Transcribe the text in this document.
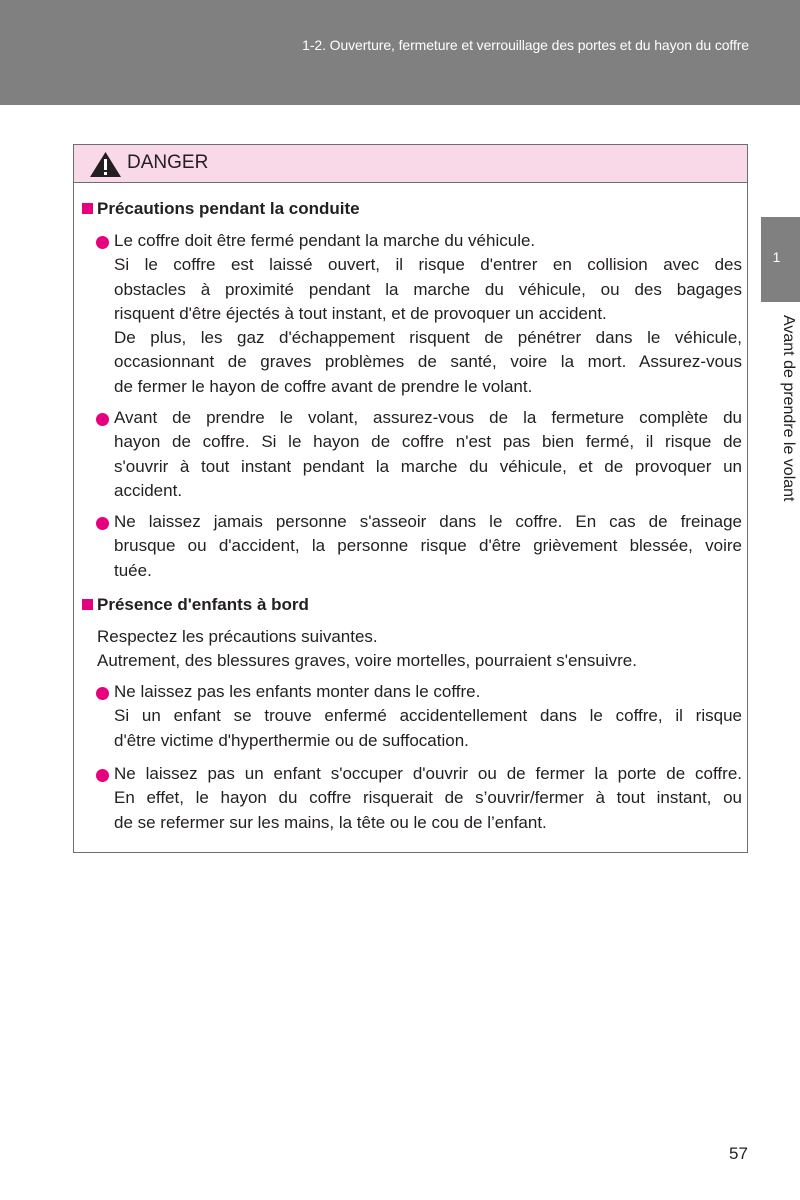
1-2. Ouverture, fermeture et verrouillage des portes et du hayon du coffre
1
Avant de prendre le volant
DANGER
Précautions pendant la conduite
Le coffre doit être fermé pendant la marche du véhicule.
Si le coffre est laissé ouvert, il risque d'entrer en collision avec des
obstacles à proximité pendant la marche du véhicule, ou des bagages
risquent d'être éjectés à tout instant, et de provoquer un accident.
De plus, les gaz d'échappement risquent de pénétrer dans le véhicule,
occasionnant de graves problèmes de santé, voire la mort. Assurez-vous
de fermer le hayon de coffre avant de prendre le volant.
Avant de prendre le volant, assurez-vous de la fermeture complète du
hayon de coffre. Si le hayon de coffre n'est pas bien fermé, il risque de
s'ouvrir à tout instant pendant la marche du véhicule, et de provoquer un
accident.
Ne laissez jamais personne s'asseoir dans le coffre. En cas de freinage
brusque ou d'accident, la personne risque d'être grièvement blessée, voire
tuée.
Présence d'enfants à bord
Respectez les précautions suivantes.
Autrement, des blessures graves, voire mortelles, pourraient s'ensuivre.
Ne laissez pas les enfants monter dans le coffre.
Si un enfant se trouve enfermé accidentellement dans le coffre, il risque
d'être victime d'hyperthermie ou de suffocation.
Ne laissez pas un enfant s'occuper d'ouvrir ou de fermer la porte de coffre.
En effet, le hayon du coffre risquerait de s’ouvrir/fermer à tout instant, ou
de se refermer sur les mains, la tête ou le cou de l’enfant.
57
